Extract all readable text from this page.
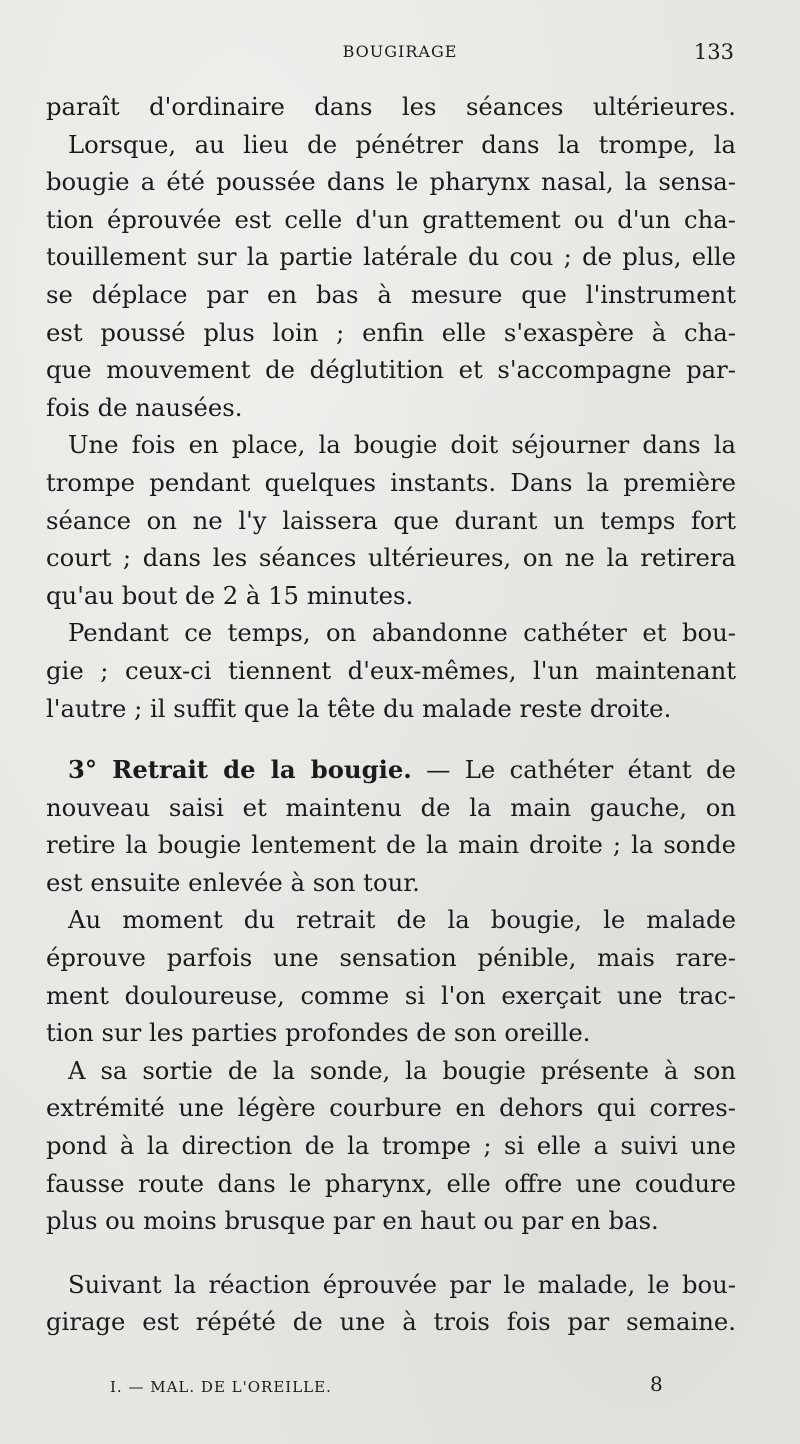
BOUGIRAGE	133
paraît d'ordinaire dans les séances ultérieures.
Lorsque, au lieu de pénétrer dans la trompe, la
bougie a été poussée dans le pharynx nasal, la sensa-
tion éprouvée est celle d'un grattement ou d'un cha-
touillement sur la partie latérale du cou ; de plus, elle
se déplace par en bas à mesure que l'instrument
est poussé plus loin ; enfin elle s'exaspère à cha-
que mouvement de déglutition et s'accompagne par-
fois de nausées.
Une fois en place, la bougie doit séjourner dans la
trompe pendant quelques instants. Dans la première
séance on ne l'y laissera que durant un temps fort
court ; dans les séances ultérieures, on ne la retirera
qu'au bout de 2 à 15 minutes.
Pendant ce temps, on abandonne cathéter et bou-
gie ; ceux-ci tiennent d'eux-mêmes, l'un maintenant
l'autre ; il suffit que la tête du malade reste droite.
3° Retrait de la bougie. — Le cathéter étant de
nouveau saisi et maintenu de la main gauche, on
retire la bougie lentement de la main droite ; la sonde
est ensuite enlevée à son tour.
Au moment du retrait de la bougie, le malade
éprouve parfois une sensation pénible, mais rare-
ment douloureuse, comme si l'on exerçait une trac-
tion sur les parties profondes de son oreille.
A sa sortie de la sonde, la bougie présente à son
extrémité une légère courbure en dehors qui corres-
pond à la direction de la trompe ; si elle a suivi une
fausse route dans le pharynx, elle offre une coudure
plus ou moins brusque par en haut ou par en bas.
Suivant la réaction éprouvée par le malade, le bou-
girage est répété de une à trois fois par semaine.
I. — MAL. DE L'OREILLE.	8
